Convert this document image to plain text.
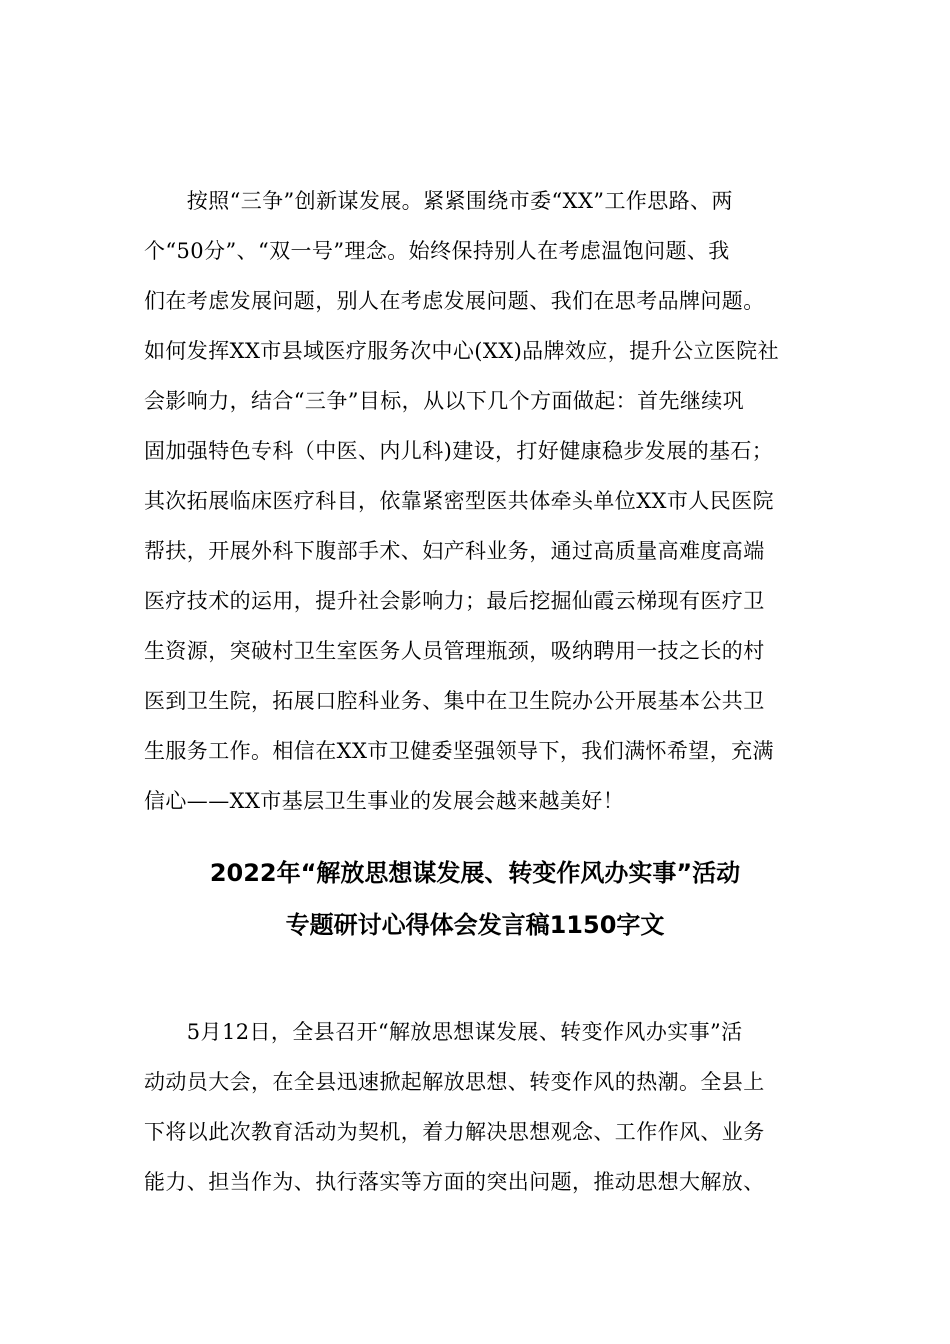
　　按照“三争”创新谋发展。紧紧围绕市委“XX”工作思路、两
个“50分”、“双一号”理念。始终保持别人在考虑温饱问题、我
们在考虑发展问题，别人在考虑发展问题、我们在思考品牌问题。
如何发挥XX市县域医疗服务次中心(XX)品牌效应，提升公立医院社
会影响力，结合“三争”目标，从以下几个方面做起：首先继续巩
固加强特色专科（中医、内儿科)建设，打好健康稳步发展的基石；
其次拓展临床医疗科目，依靠紧密型医共体牵头单位XX市人民医院
帮扶，开展外科下腹部手术、妇产科业务，通过高质量高难度高端
医疗技术的运用，提升社会影响力；最后挖掘仙霞云梯现有医疗卫
生资源，突破村卫生室医务人员管理瓶颈，吸纳聘用一技之长的村
医到卫生院，拓展口腔科业务、集中在卫生院办公开展基本公共卫
生服务工作。相信在XX市卫健委坚强领导下，我们满怀希望，充满
信心——XX市基层卫生事业的发展会越来越美好！
2022年“解放思想谋发展、转变作风办实事”活动
专题研讨心得体会发言稿1150字文
　　5月12日，全县召开“解放思想谋发展、转变作风办实事”活
动动员大会，在全县迅速掀起解放思想、转变作风的热潮。全县上
下将以此次教育活动为契机，着力解决思想观念、工作作风、业务
能力、担当作为、执行落实等方面的突出问题，推动思想大解放、
